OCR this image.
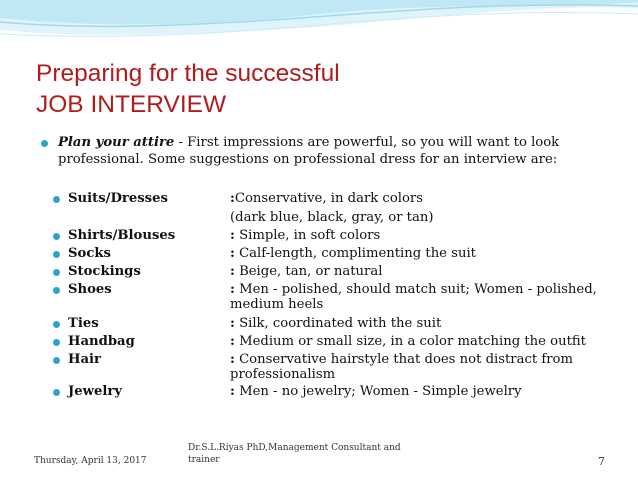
Preparing for the successful
JOB INTERVIEW
Plan your attire - First impressions are powerful, so you will want to look professional. Some suggestions on professional dress for an interview are:
Suits/Dresses	:Conservative, in dark colors
(dark blue, black, gray, or tan)
Shirts/Blouses	: Simple, in soft colors
Socks	: Calf-length, complimenting the suit
Stockings	: Beige, tan, or natural
Shoes	: Men - polished, should match suit; Women - polished, medium heels
Ties	: Silk, coordinated with the suit
Handbag	: Medium or small size, in a color matching the outfit
Hair	: Conservative hairstyle that does not distract from professionalism
Jewelry	: Men - no jewelry; Women - Simple jewelry
Thursday, April 13, 2017
Dr.S.L.Riyas PhD,Management Consultant and trainer	7
